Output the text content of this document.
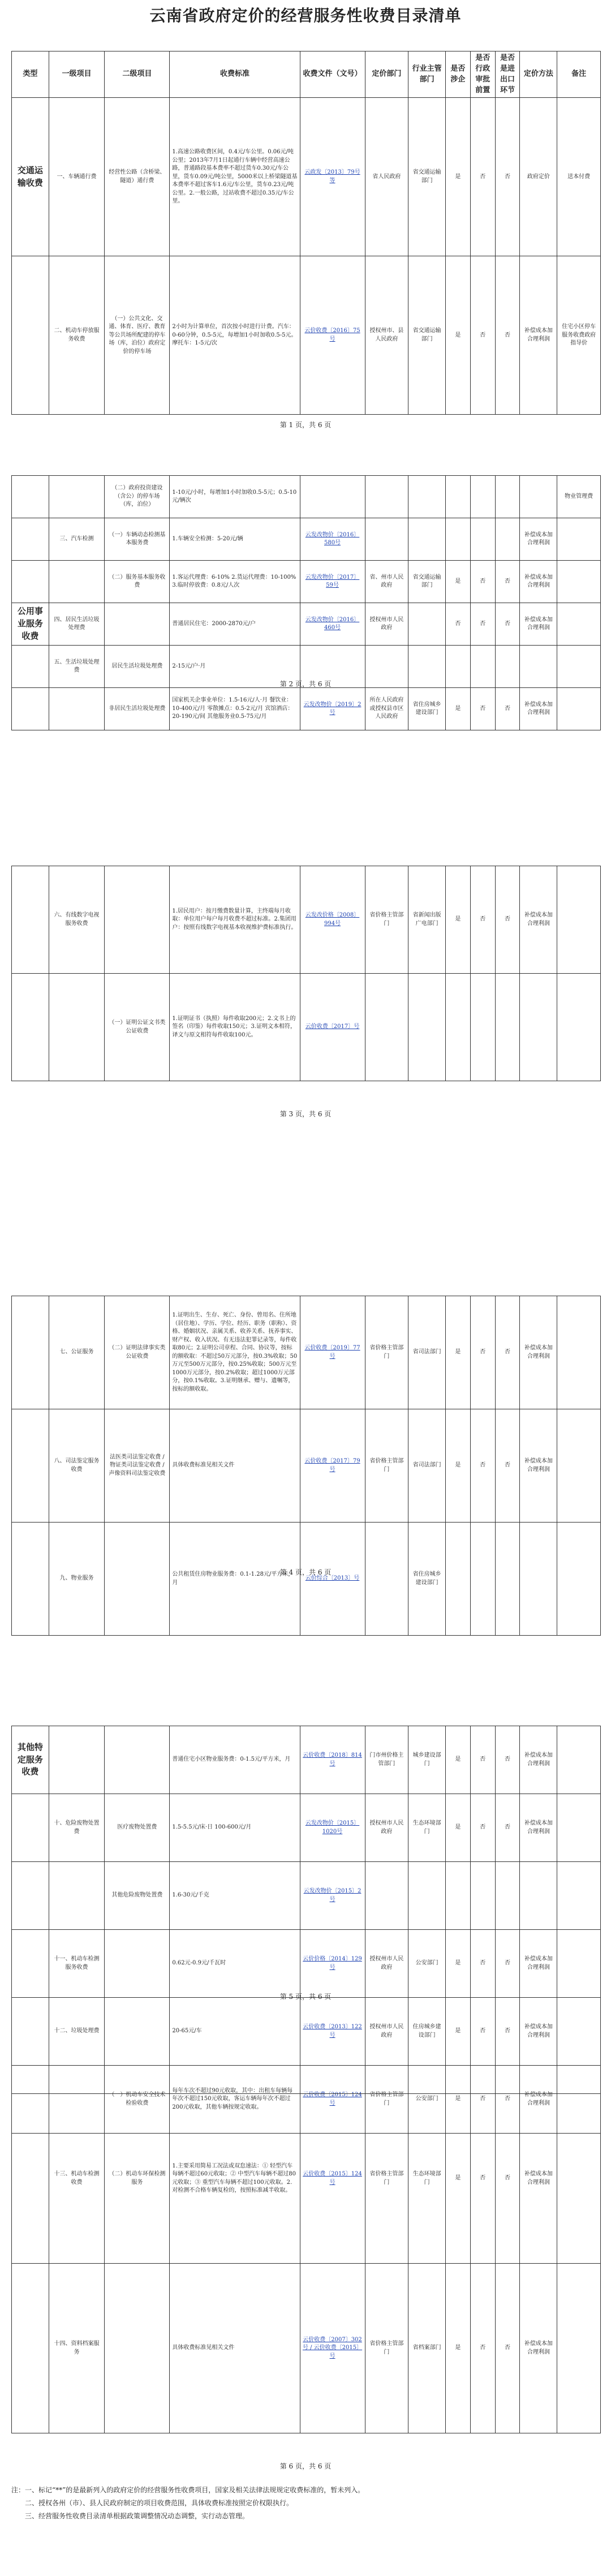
云南省政府定价的经营服务性收费目录清单
类型	一级项目	二级项目	收费标准	收费文件（文号）	定价部门	行业主管部门	是否涉企	是否行政审批前置	是否是进出口环节	定价方法	备注
交通运输收费	一、车辆通行费	经营性公路（含桥梁、隧道）通行费	1.高速公路收费区间，0.4元/车公里。0.06元/吨公里；2013年7月1日起通行车辆中经营高速公路，普通路段基本费率不超过货车0.30元/车公里，货车0.09元/吨公里，5000米以上桥梁隧道基本费率不超过客车1.6元/车公里，货车0.23元/吨公里。2.一般公路，过站收费不超过0.35元/车公里。	云政发〔2013〕79号等	省人民政府	省交通运输部门	是	否	否	政府定价	送本付费
	二、机动车停放服务收费	（一）公共文化、交通、体育、医疗、教育等公共场所配建的停车场（库，泊位）政府定价的停车场	2小时为计算单位，首次按小时进行计费。汽车：0-60分钟，0.5-5元，每增加1小时加收0.5-5元。摩托车：1-5元/次	云价收费〔2016〕75号	授权州市、县人民政府	省交通运输部门	是	否	否	补偿成本加合理利润	住宅小区停车服务收费政府指导价
第 1 页，共 6 页
		（二）政府投资建设（含公）的停车场（库，泊位）	1-10元/小时，每增加1小时加收0.5-5元；0.5-10元/辆次								物业管理费
	三、汽车检测	（一）车辆动态检测基本服务费	1.车辆安全检测：5-20元/辆	云发改物价〔2016〕580号						补偿成本加合理利润	
		（二）服务基本服务收费	1.客运代理费：6-10% 2.货运代理费：10-100% 3.临时停放费：0.8元/人次	云发改物价〔2017〕59号	省、州市人民政府	省交通运输部门	是	否	否	补偿成本加合理利润	
公用事业服务收费	四、居民生活垃圾处理费		普通居民住宅：2000-2870元/户	云发改物价〔2016〕460号	授权州市人民政府		否	否	否	补偿成本加合理利润	
	五、生活垃圾处理费	居民生活垃圾处理费	2-15元/户·月								
		非居民生活垃圾处理费	国家机关企事业单位：1.5-16元/人·月 餐饮业：10-400元/月 零散摊点：0.5-2元/月 宾馆酒店：20-190元/间 其他服务业0.5-75元/月	云发改物价〔2019〕2号	所在人民政府或授权县市区人民政府	省住房城乡建设部门	是	否	否	补偿成本加合理利润	
第 2 页，共 6 页
	六、有线数字电视服务收费		1.居民用户：按月缴费数量计算，主终端每月收取：单位用户每户每月收费不超过标准。2.集团用户：按照有线数字电视基本收视维护费标准执行。	云发改价格〔2008〕994号	省价格主管部门	省新闻出版广电部门	是	否	否	补偿成本加合理利润	
		（一）证明公证文书类公证收费	1.证明证书（执照）每件收取200元；2.文书上的签名（印鉴）每件收取150元；3.证明文本相符，译文与原文相符每件收取100元。	云价收费〔2017〕号							
第 3 页，共 6 页
	七、公证服务	（二）证明法律事实类公证收费	1.证明出生、生存、死亡、身份、曾用名、住所地（居住地）、学历、学位、经历、职务（职称）、资格、婚姻状况、亲属关系、收养关系、抚养事实、财产权、收入状况、有无违法犯罪记录等，每件收取80元；2.证明公司章程、合同、协议等，按标的额收取：不超过50万元部分，按0.3%收取；50万元至500万元部分，按0.25%收取；500万元至1000万元部分，按0.2%收取；超过1000万元部分，按0.1%收取。3.证明继承、赠与、遗嘱等，按标的额收取。	云价收费〔2019〕77号	省价格主管部门	省司法部门	是	否	否	补偿成本加合理利润	
	八、司法鉴定服务收费	法医类司法鉴定收费 / 物证类司法鉴定收费 / 声像资料司法鉴定收费	具体收费标准见相关文件	云价收费〔2017〕79号	省价格主管部门	省司法部门	是	否	否	补偿成本加合理利润	
	九、物业服务		公共租赁住房物业服务费：0.1-1.28元/平方米，月	云价综合〔2013〕号		省住房城乡建设部门					
第 4 页，共 6 页
其他特定服务收费			普通住宅小区物业服务费：0-1.5元/平方米，月	云价收费〔2018〕814号	门市州价格主管部门	城乡建设部门	是	否	否	补偿成本加合理利润	
	十、危险废物处置费	医疗废物处置费	1.5-5.5元/床·日 100-600元/月	云发改物价〔2015〕1020号	授权州市人民政府	生态环境部门	是	否	否	补偿成本加合理利润	
		其他危险废物处置费	1.6-30元/千克	云发改物价〔2015〕2号							
	十一、机动车检测服务收费		0.62元-0.9元/千瓦时	云价价格〔2014〕129号	授权州市人民政府	公安部门	是	否	否	补偿成本加合理利润	
	十二、垃圾处理费		20-65元/车	云价收费〔2013〕122号	授权州市人民政府	住房城乡建设部门	是	否	否	补偿成本加合理利润	
		（一）机动车安全技术检验收费	每年车次不超过90元收取，其中：出租车每辆每年次不超过150元收取，客运车辆每年次不超过200元收取，其他车辆按规定收取。	云价收费〔2015〕124号	省价格主管部门	公安部门	是	否	否	补偿成本加合理利润	
第 5 页，共 6 页
	十三、机动车检测收费	（二）机动车环保检测服务	1.主要采用简易工况法或双怠速法：① 轻型汽车每辆不超过60元收取；② 中型汽车每辆不超过80元收取；③ 重型汽车每辆不超过100元收取。2.对检测不合格车辆复检的，按照标准减半收取。	云价收费〔2015〕124号	省价格主管部门	生态环境部门	是	否	否	补偿成本加合理利润	
	十四、资料档案服务		具体收费标准见相关文件	云价收费〔2007〕302号 / 云价收费〔2015〕号	省价格主管部门	省档案部门	是	否	否	补偿成本加合理利润	
第 6 页，共 6 页
注：一、标记“**”的是最新列入的政府定价的经营服务性收费项目，国家及相关法律法规规定收费标准的，暂未列入。
二、授权各州（市）、县人民政府制定的项目收费范围，具体收费标准按照定价权限执行。
三、经营服务性收费目录清单根据政策调整情况动态调整，实行动态管理。
